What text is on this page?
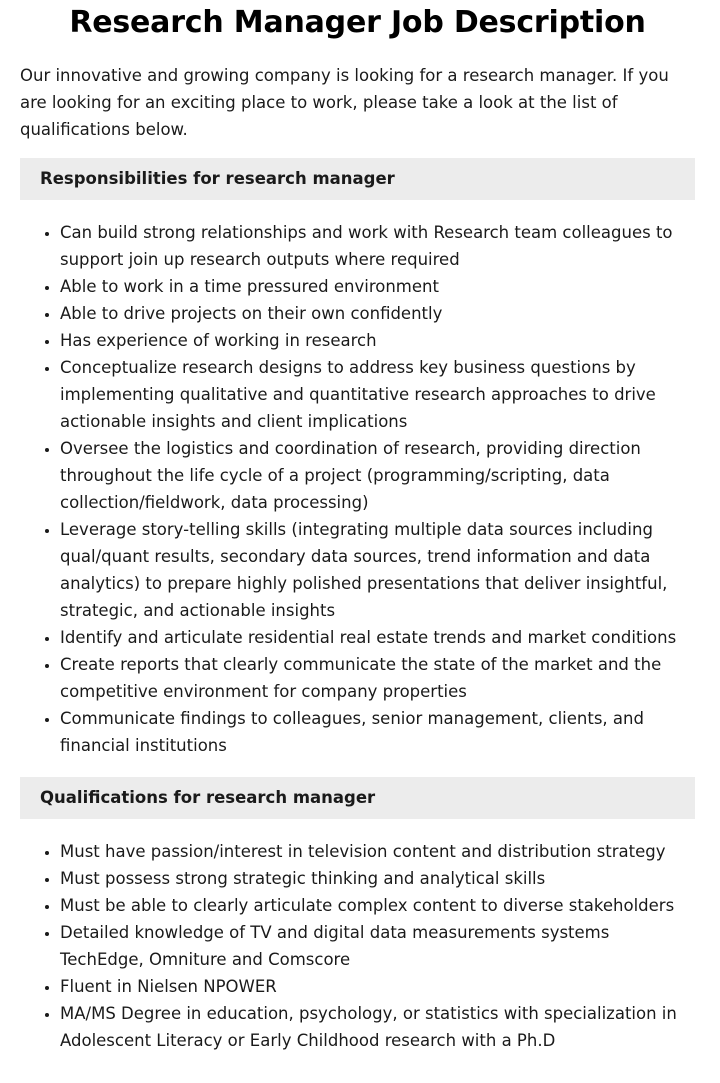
Research Manager Job Description

Our innovative and growing company is looking for a research manager. If you are looking for an exciting place to work, please take a look at the list of qualifications below.

Responsibilities for research manager
• Can build strong relationships and work with Research team colleagues to support join up research outputs where required
• Able to work in a time pressured environment
• Able to drive projects on their own confidently
• Has experience of working in research
• Conceptualize research designs to address key business questions by implementing qualitative and quantitative research approaches to drive actionable insights and client implications
• Oversee the logistics and coordination of research, providing direction throughout the life cycle of a project (programming/scripting, data collection/fieldwork, data processing)
• Leverage story-telling skills (integrating multiple data sources including qual/quant results, secondary data sources, trend information and data analytics) to prepare highly polished presentations that deliver insightful, strategic, and actionable insights
• Identify and articulate residential real estate trends and market conditions
• Create reports that clearly communicate the state of the market and the competitive environment for company properties
• Communicate findings to colleagues, senior management, clients, and financial institutions
Qualifications for research manager
• Must have passion/interest in television content and distribution strategy
• Must possess strong strategic thinking and analytical skills
• Must be able to clearly articulate complex content to diverse stakeholders
• Detailed knowledge of TV and digital data measurements systems TechEdge, Omniture and Comscore
• Fluent in Nielsen NPOWER
• MA/MS Degree in education, psychology, or statistics with specialization in Adolescent Literacy or Early Childhood research with a Ph.D
